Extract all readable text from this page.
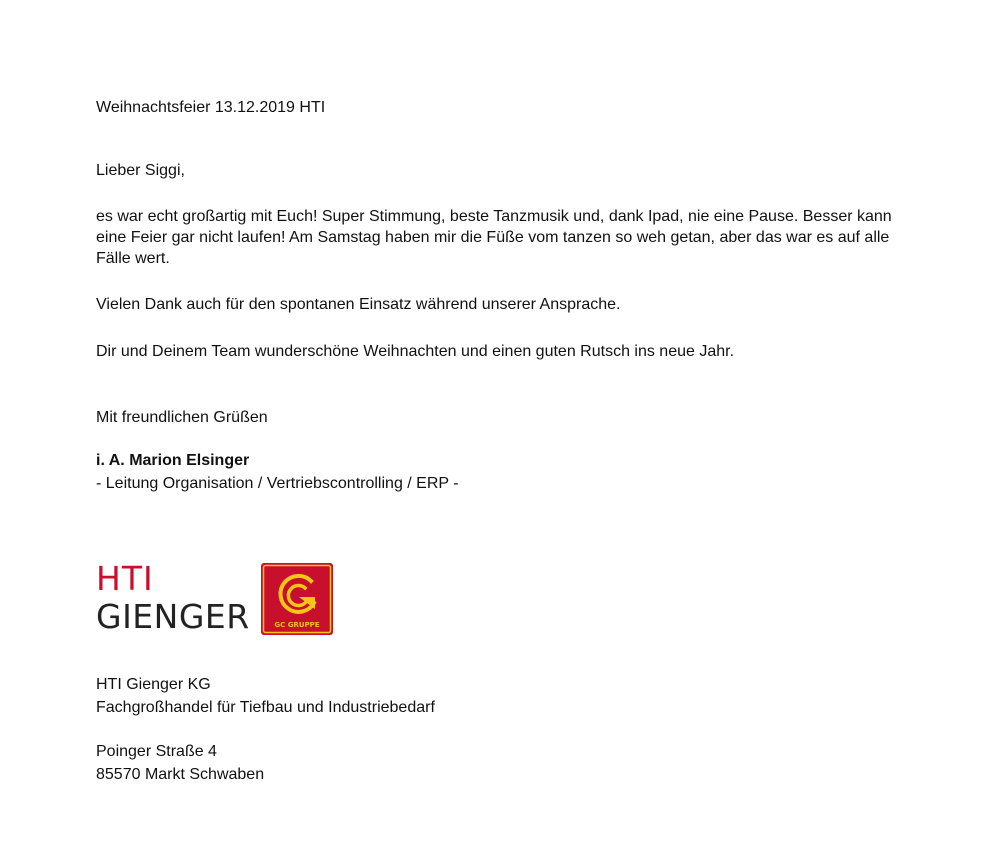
Weihnachtsfeier 13.12.2019 HTI
Lieber Siggi,
es war echt großartig mit Euch! Super Stimmung, beste Tanzmusik und, dank Ipad, nie eine Pause. Besser kann eine Feier gar nicht laufen! Am Samstag haben mir die Füße vom tanzen so weh getan, aber das war es auf alle Fälle wert.
Vielen Dank auch für den spontanen Einsatz während unserer Ansprache.
Dir und Deinem Team wunderschöne Weihnachten und einen guten Rutsch ins neue Jahr.
Mit freundlichen Grüßen
i. A. Marion Elsinger
- Leitung Organisation / Vertriebscontrolling / ERP -
HTI
GIENGER	GC GRUPPE
HTI Gienger KG
Fachgroßhandel für Tiefbau und Industriebedarf
Poinger Straße 4
85570 Markt Schwaben
